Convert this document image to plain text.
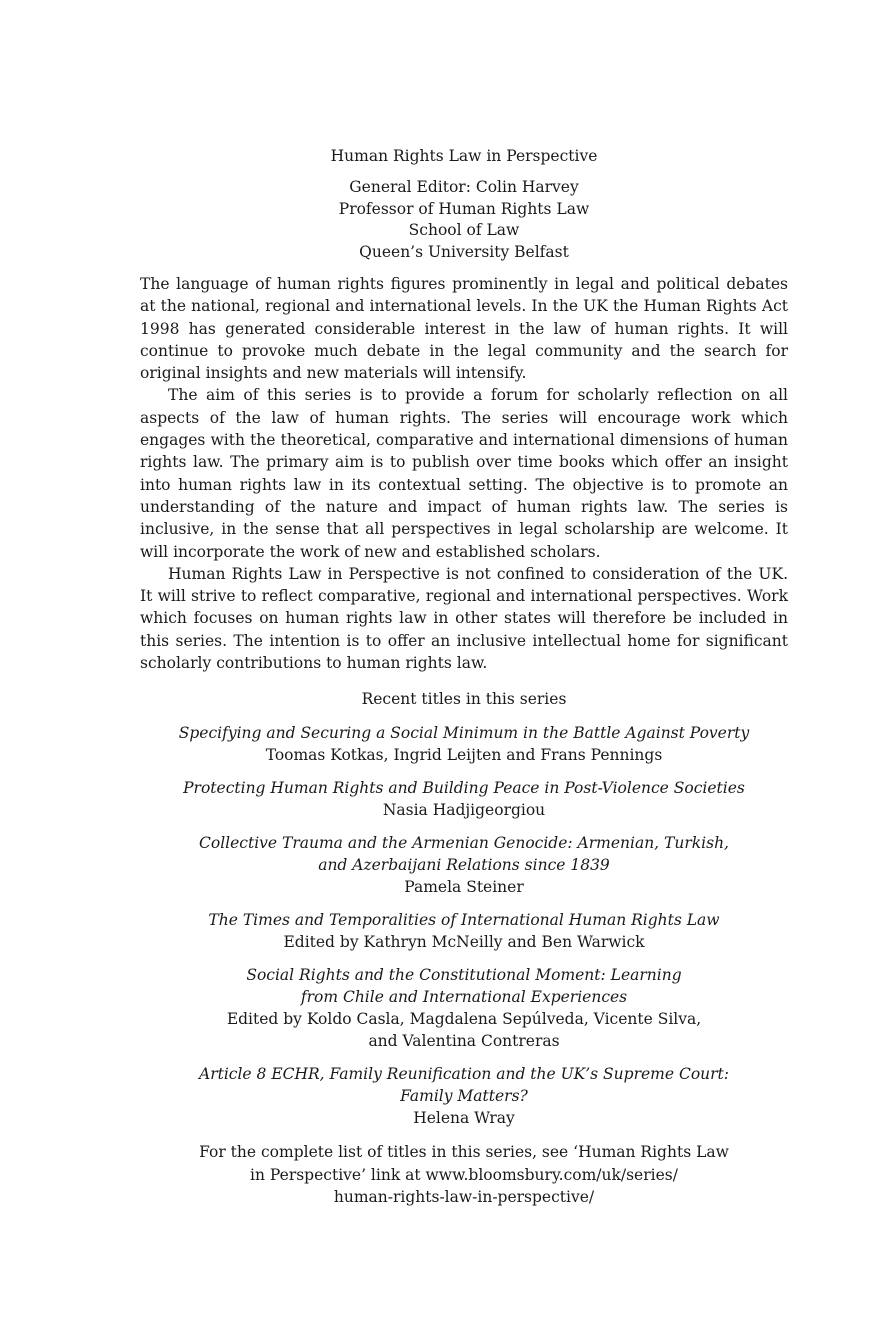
Human Rights Law in Perspective
General Editor: Colin Harvey
Professor of Human Rights Law
School of Law
Queen’s University Belfast

The language of human rights figures prominently in legal and political debates at the national, regional and international levels. In the UK the Human Rights Act 1998 has generated considerable interest in the law of human rights. It will continue to provoke much debate in the legal community and the search for original insights and new materials will intensify.

The aim of this series is to provide a forum for scholarly reflection on all aspects of the law of human rights. The series will encourage work which engages with the theoretical, comparative and international dimensions of human rights law. The primary aim is to publish over time books which offer an insight into human rights law in its contextual setting. The objective is to promote an understanding of the nature and impact of human rights law. The series is inclusive, in the sense that all perspectives in legal scholarship are welcome. It will incorporate the work of new and established scholars.

Human Rights Law in Perspective is not confined to consideration of the UK. It will strive to reflect comparative, regional and international perspectives. Work which focuses on human rights law in other states will therefore be included in this series. The intention is to offer an inclusive intellectual home for significant scholarly contributions to human rights law.

Recent titles in this series
Specifying and Securing a Social Minimum in the Battle Against Poverty
Toomas Kotkas, Ingrid Leijten and Frans Pennings
Protecting Human Rights and Building Peace in Post-Violence Societies
Nasia Hadjigeorgiou
Collective Trauma and the Armenian Genocide: Armenian, Turkish,
and Azerbaijani Relations since 1839
Pamela Steiner
The Times and Temporalities of International Human Rights Law
Edited by Kathryn McNeilly and Ben Warwick
Social Rights and the Constitutional Moment: Learning
from Chile and International Experiences
Edited by Koldo Casla, Magdalena Sepúlveda, Vicente Silva,
and Valentina Contreras
Article 8 ECHR, Family Reunification and the UK’s Supreme Court:
Family Matters?
Helena Wray
For the complete list of titles in this series, see ‘Human Rights Law
in Perspective’ link at www.bloomsbury.com/uk/series/
human-rights-law-in-perspective/
